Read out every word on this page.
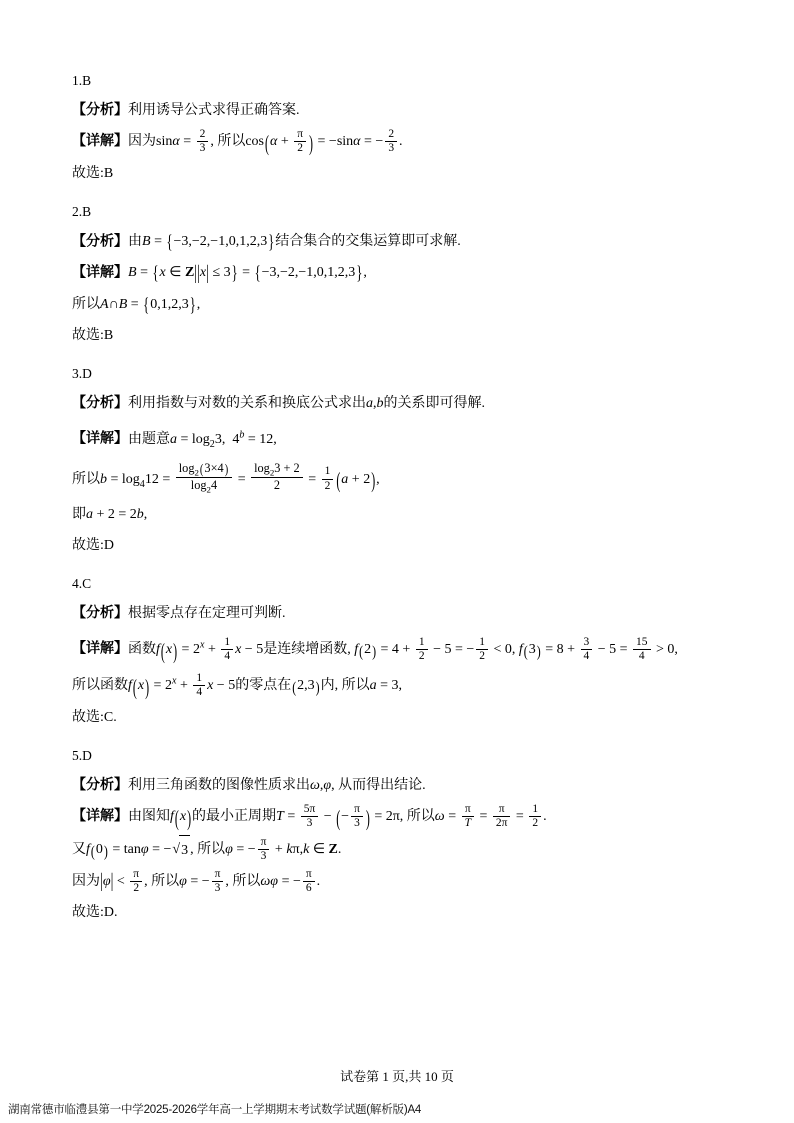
1.B
【分析】利用诱导公式求得正确答案.
【详解】因为$\sin\alpha = \frac{2}{3}$ , 所以$\cos(\alpha + \frac{\pi}{2}$ ) = −sinα = − $\frac{2}{3}$ .
故选:B
2.B
【分析】由B = {−3,−2,−1,0,1,2,3}结合集合的交集运算即可求解.
【详解】B = {x ∈ Z||x| ≤ 3} = {−3,−2,−1,0,1,2,3},
所以A∩B = {0,1,2,3},
故选:B
3.D
【分析】利用指数与对数的关系和换底公式求出a,b的关系即可得解.
【详解】由题意$a = \log_23$,  $4^b = 12$,
所以$b = \log_412 = \frac{\log_2(3\times 4)}{\log_24} = \frac{\log_23 + 2}{2} = \frac{1}{2} (a + 2)$,
即a + 2 = 2b,
故选:D
4.C
【分析】根据零点存在定理可判断.
【详解】函数$f(x) = 2^x + \frac{1}{4}$ x − 5是连续增函数, $f(2) = 4 + \frac{1}{2} - 5$ = − $\frac{1}{2} < 0$, $f(3) = 8 + \frac{3}{4} - 5 = \frac{15}{4} > 0$,
所以函数$f(x) = 2^x + \frac{1}{4}$ x − 5的零点在(2,3)内, 所以a = 3,
故选:C.
5.D
【分析】利用三角函数的图像性质求出ω,φ, 从而得出结论.
【详解】由图知f(x)的最小正周期$T = \frac{5\pi}{3}$ − (− $\frac{\pi}{3}$ ) = 2π, 所以$\omega = \frac{\pi}{T} = \frac{\pi}{2\pi} = \frac{1}{2}$ .
又f(0) = tanφ = −√3 , 所以φ = − $\frac{\pi}{3} + k\pi,k$ ∈ Z.
因为$|\varphi| < \frac{\pi}{2}$ , 所以φ = − $\frac{\pi}{3}$ , 所以ωφ = − $\frac{\pi}{6}$ .
故选:D.
试卷第 1 页,共 10 页
湖南常德市临澧县第一中学2025-2026学年高一上学期期末考试数学试题(解析版)A4
